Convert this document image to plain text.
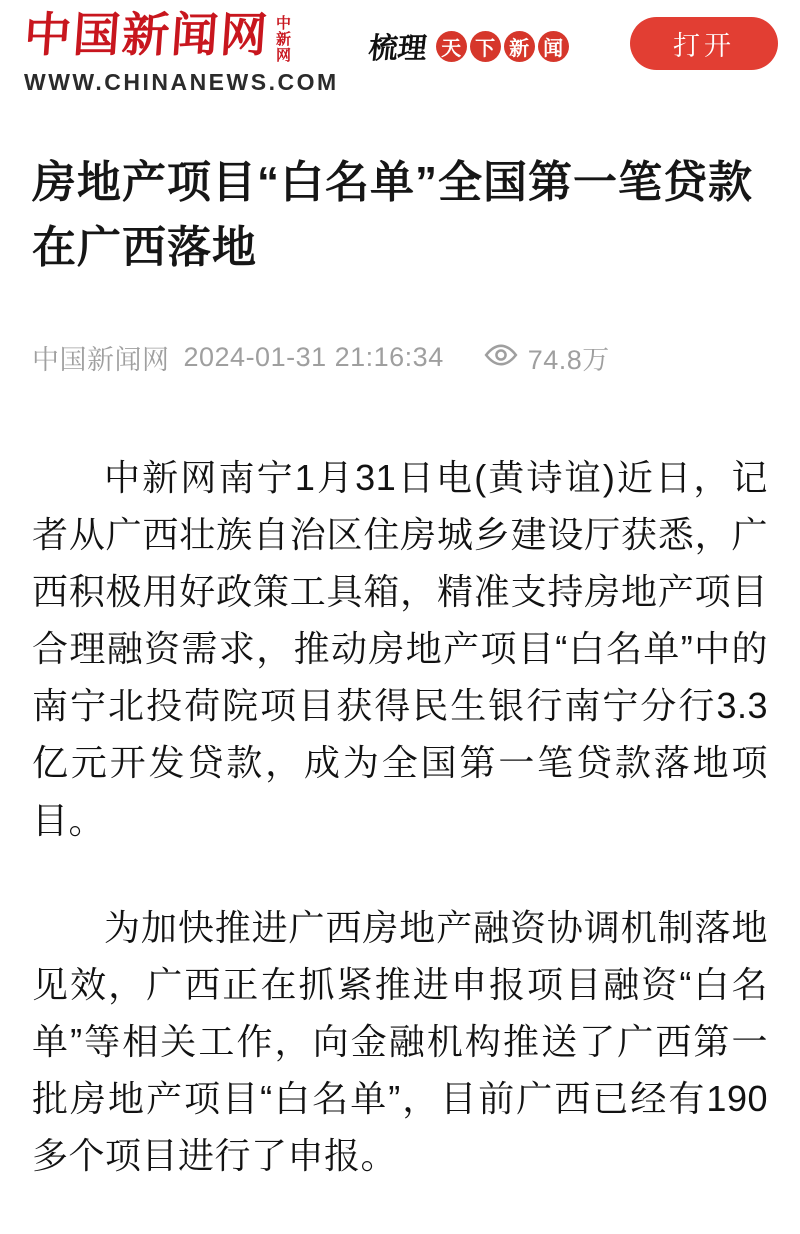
中国新闻网 中新网
WWW.CHINANEWS.COM
梳理 天 下 新 闻	打开
房地产项目“白名单”全国第一笔贷款在广西落地
中国新闻网 2024-01-31 21:16:34	74.8万

中新网南宁1月31日电(黄诗谊)近日，记者从广西壮族自治区住房城乡建设厅获悉，广西积极用好政策工具箱，精准支持房地产项目合理融资需求，推动房地产项目“白名单”中的南宁北投荷院项目获得民生银行南宁分行3.3亿元开发贷款，成为全国第一笔贷款落地项目。

为加快推进广西房地产融资协调机制落地见效，广西正在抓紧推进申报项目融资“白名单”等相关工作，向金融机构推送了广西第一批房地产项目“白名单”，目前广西已经有190多个项目进行了申报。
